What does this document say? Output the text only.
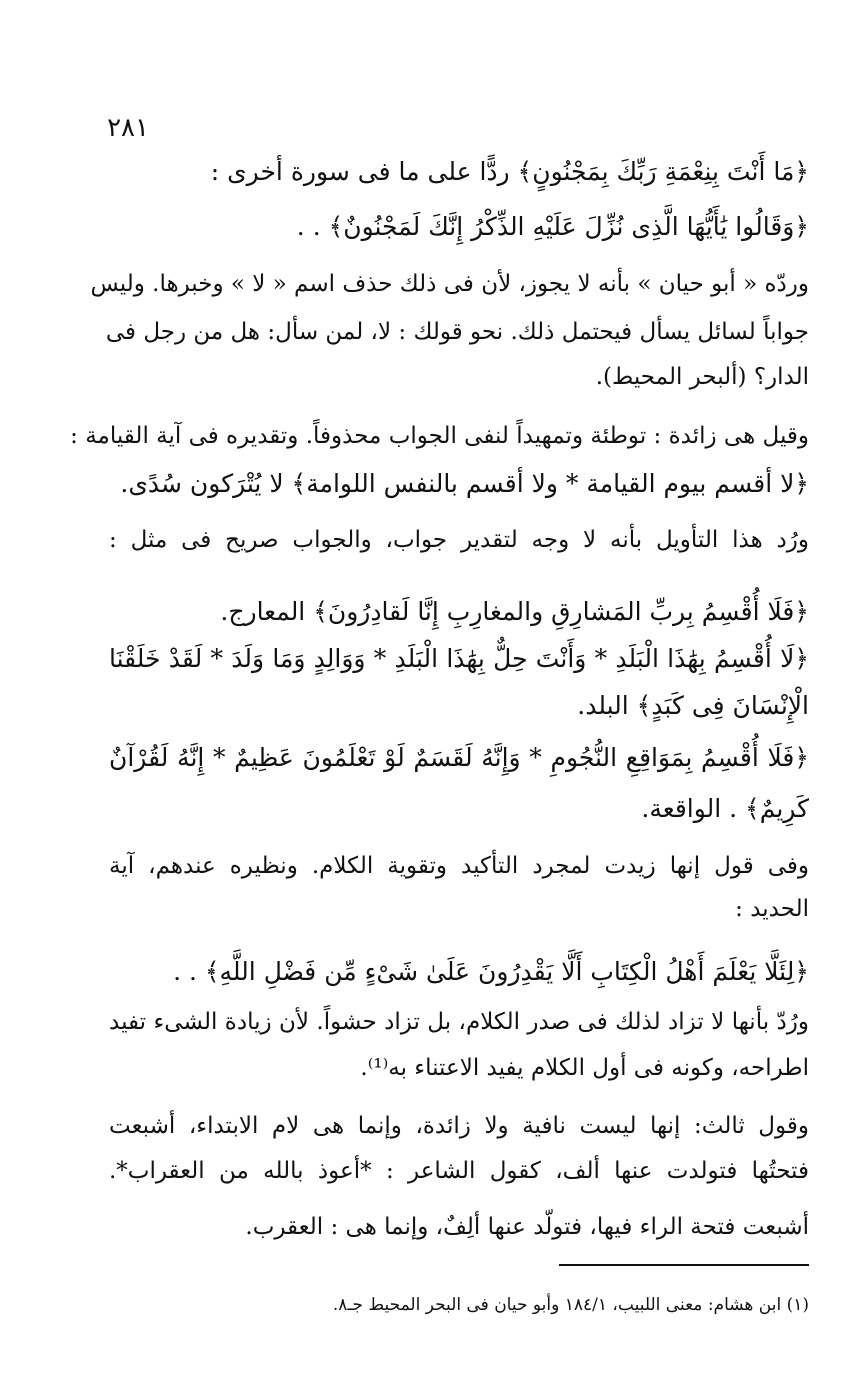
٢٨١
﴿مَا أَنْتَ بِنِعْمَةِ رَبِّكَ بِمَجْنُونٍ﴾ ردًّا على ما فى سورة أخرى :
﴿وَقَالُوا يَٰأَيُّهَا الَّذِى نُزِّلَ عَلَيْهِ الذِّكْرُ إِنَّكَ لَمَجْنُونٌ﴾ . .
وردّه « أبو حيان » بأنه لا يجوز، لأن فى ذلك حذف اسم « لا » وخبرها. وليس
جواباً لسائل يسأل فيحتمل ذلك. نحو قولك : لا، لمن سأل: هل من رجل فى
الدار؟ (ألبحر المحيط).
وقيل هى زائدة : توطئة وتمهيداً لنفى الجواب محذوفاً. وتقديره فى آية القيامة :
﴿لا أقسم بيوم القيامة * ولا أقسم بالنفس اللوامة﴾ لا يُتْرَكون سُدًى.
ورُد هذا التأويل بأنه لا وجه لتقدير جواب، والجواب صريح فى مثل :
﴿فَلَا أُقْسِمُ بِربِّ المَشارِقِ والمغارِبِ إِنَّا لَقادِرُونَ﴾ المعارج.
﴿لَا أُقْسِمُ بِهَٰذَا الْبَلَدِ * وَأَنْتَ حِلٌّ بِهَٰذَا الْبَلَدِ * وَوَالِدٍ وَمَا وَلَدَ * لَقَدْ خَلَقْنَا
الْإِنْسَانَ فِى كَبَدٍ﴾ البلد.
﴿فَلَا أُقْسِمُ بِمَوَاقِعِ النُّجُومِ * وَإِنَّهُ لَقَسَمٌ لَوْ تَعْلَمُونَ عَظِيمٌ * إِنَّهُ لَقُرْآنٌ
كَرِيمٌ﴾ . الواقعة.
وفى قول إنها زيدت لمجرد التأكيد وتقوية الكلام. ونظيره عندهم، آية
الحديد :
﴿لِئَلَّا يَعْلَمَ أَهْلُ الْكِتَابِ أَلَّا يَقْدِرُونَ عَلَىٰ شَىْءٍ مِّن فَضْلِ اللَّهِ﴾ . .
ورُدّ بأنها لا تزاد لذلك فى صدر الكلام، بل تزاد حشواً. لأن زيادة الشىء تفيد
اطراحه، وكونه فى أول الكلام يفيد الاعتناء به⁽¹⁾.
وقول ثالث: إنها ليست نافية ولا زائدة، وإنما هى لام الابتداء، أشبعت
فتحتُها فتولدت عنها ألف، كقول الشاعر : *أعوذ بالله من العقراب*.
أشبعت فتحة الراء فيها، فتولّد عنها ألِفٌ، وإنما هى : العقرب.
(١) ابن هشام: معنى اللبيب، ١٨٤/١ وأبو حيان فى البحر المحيط جـ٨.
